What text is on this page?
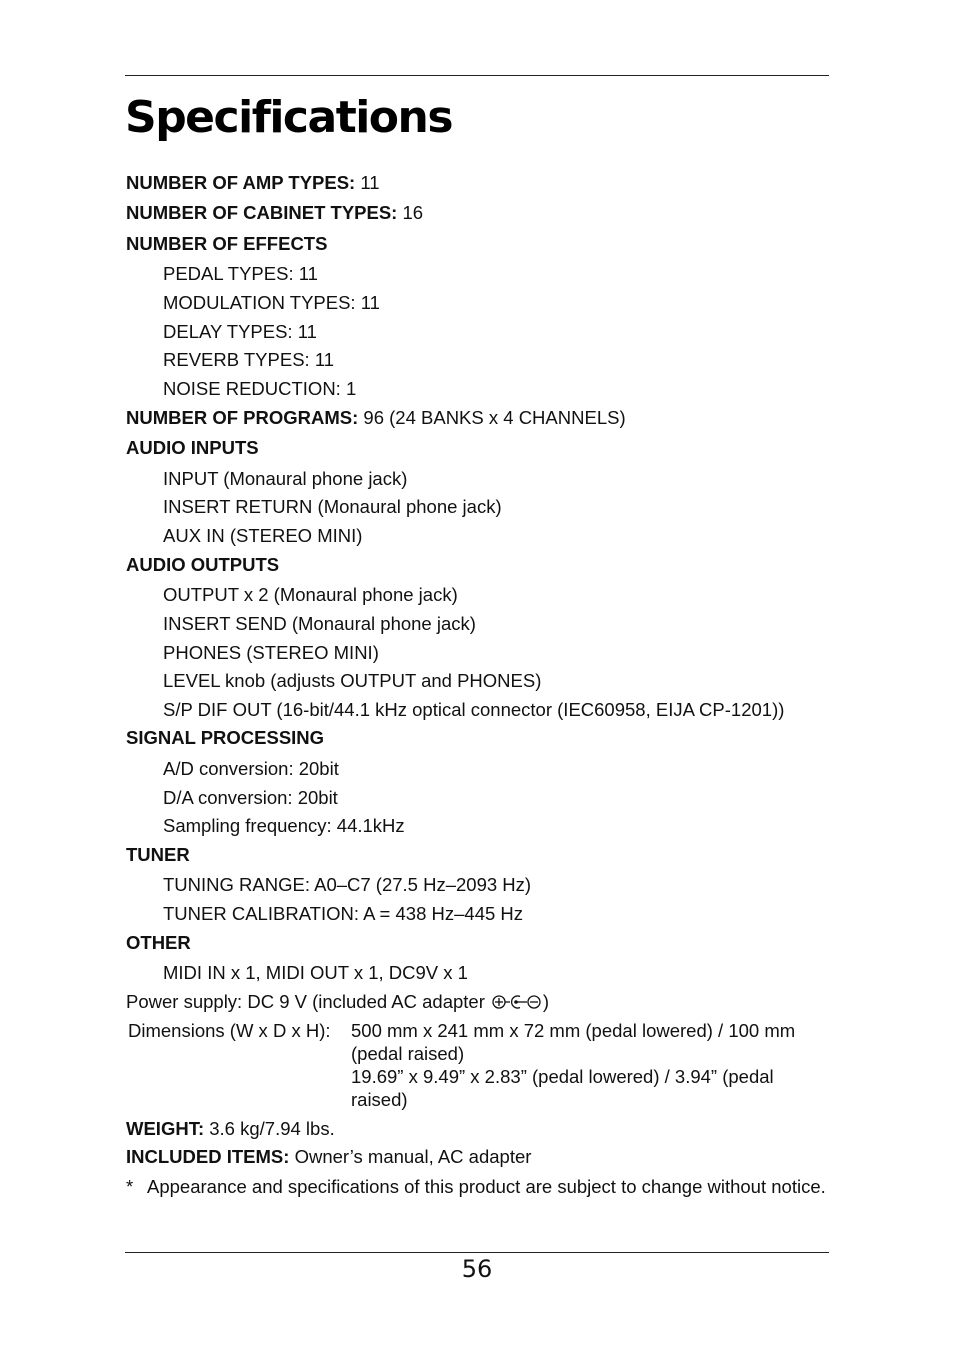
Specifications
NUMBER OF AMP TYPES: 11
NUMBER OF CABINET TYPES: 16
NUMBER OF EFFECTS
PEDAL TYPES: 11
MODULATION TYPES: 11
DELAY TYPES: 11
REVERB TYPES: 11
NOISE REDUCTION: 1
NUMBER OF PROGRAMS: 96 (24 BANKS x 4 CHANNELS)
AUDIO INPUTS
INPUT (Monaural phone jack)
INSERT RETURN (Monaural phone jack)
AUX IN (STEREO MINI)
AUDIO OUTPUTS
OUTPUT x 2 (Monaural phone jack)
INSERT SEND (Monaural phone jack)
PHONES (STEREO MINI)
LEVEL knob (adjusts OUTPUT and PHONES)
S/P DIF OUT (16-bit/44.1 kHz optical connector (IEC60958, EIJA CP-1201))
SIGNAL PROCESSING
A/D conversion: 20bit
D/A conversion: 20bit
Sampling frequency: 44.1kHz
TUNER
TUNING RANGE: A0–C7 (27.5 Hz–2093 Hz)
TUNER CALIBRATION: A = 438 Hz–445 Hz
OTHER
MIDI IN x 1, MIDI OUT x 1, DC9V x 1
Power supply: DC 9 V (included AC adapter	)
Dimensions (W x D x H): 500 mm x 241 mm x 72 mm (pedal lowered) / 100 mm (pedal raised)
19.69” x 9.49” x 2.83” (pedal lowered) / 3.94” (pedal raised)
WEIGHT: 3.6 kg/7.94 lbs.
INCLUDED ITEMS: Owner’s manual, AC adapter
* Appearance and specifications of this product are subject to change without notice.
56
